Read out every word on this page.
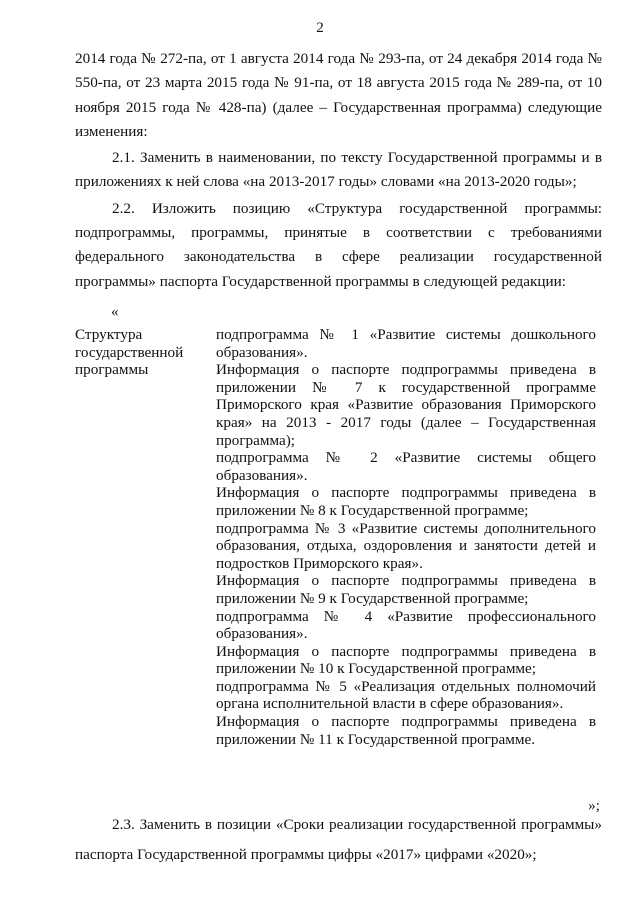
2

2014 года № 272-па, от 1 августа 2014 года № 293-па, от 24 декабря 2014 года № 550-па, от 23 марта 2015 года № 91-па, от 18 августа 2015 года № 289-па, от 10 ноября 2015 года № 428-па) (далее – Государственная программа) следующие изменения:

2.1. Заменить в наименовании, по тексту Государственной программы и в приложениях к ней слова «на 2013-2017 годы» словами «на 2013-2020 годы»;

2.2. Изложить позицию «Структура государственной программы: подпрограммы, программы, принятые в соответствии с требованиями федерального законодательства в сфере реализации государственной программы» паспорта Государственной программы в следующей редакции:

«
Структура государственной программы
подпрограмма № 1 «Развитие системы дошкольного образования».
Информация о паспорте подпрограммы приведена в приложении № 7 к государственной программе Приморского края «Развитие образования Приморского края» на 2013 - 2017 годы (далее – Государственная программа);
подпрограмма № 2 «Развитие системы общего образования».
Информация о паспорте подпрограммы приведена в приложении № 8 к Государственной программе;
подпрограмма № 3 «Развитие системы дополнительного образования, отдыха, оздоровления и занятости детей и подростков Приморского края».
Информация о паспорте подпрограммы приведена в приложении № 9 к Государственной программе;
подпрограмма № 4 «Развитие профессионального образования».
Информация о паспорте подпрограммы приведена в приложении № 10 к Государственной программе;
подпрограмма № 5 «Реализация отдельных полномочий органа исполнительной власти в сфере образования».
Информация о паспорте подпрограммы приведена в приложении № 11 к Государственной программе.
»;

2.3. Заменить в позиции «Сроки реализации государственной программы» паспорта Государственной программы цифры «2017» цифрами «2020»;
